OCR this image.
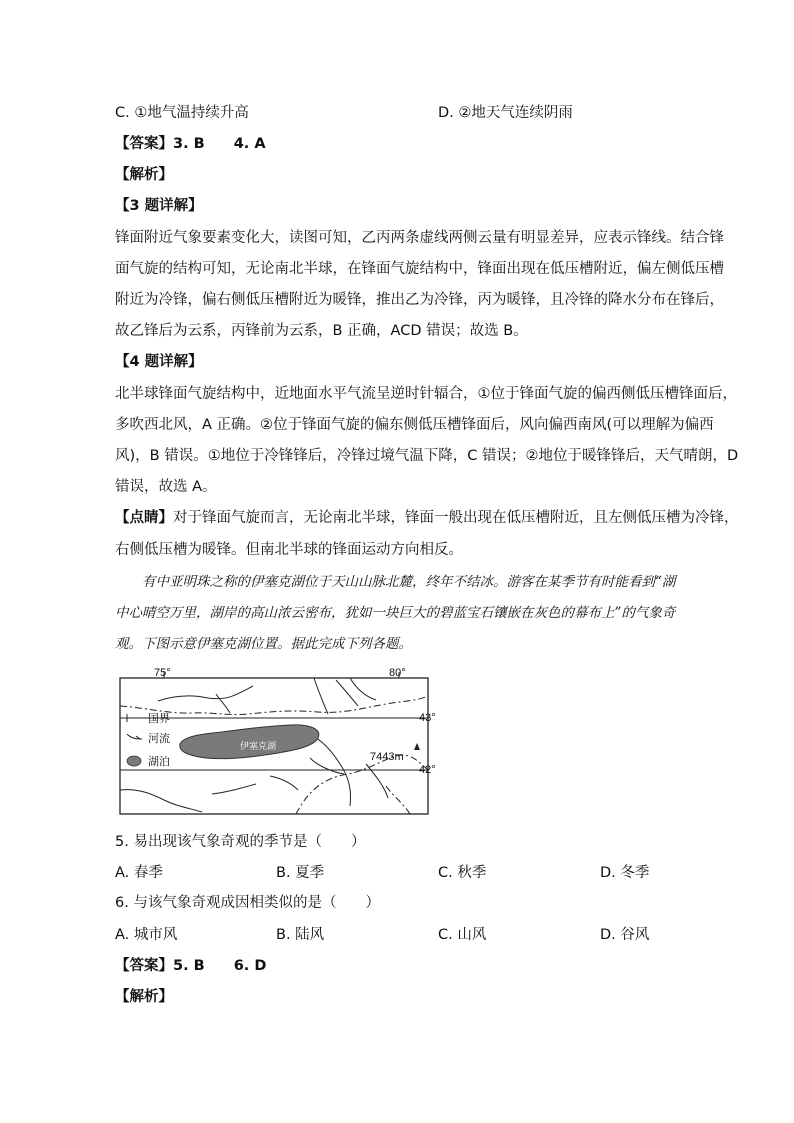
C. ①地气温持续升高	D. ②地天气连续阴雨
【答案】3. B　　4. A
【解析】
【3 题详解】
锋面附近气象要素变化大，读图可知，乙丙两条虚线两侧云量有明显差异，应表示锋线。结合锋
面气旋的结构可知，无论南北半球，在锋面气旋结构中，锋面出现在低压槽附近，偏左侧低压槽
附近为冷锋，偏右侧低压槽附近为暖锋，推出乙为冷锋，丙为暖锋，且冷锋的降水分布在锋后，
故乙锋后为云系，丙锋前为云系，B 正确，ACD 错误；故选 B。
【4 题详解】
北半球锋面气旋结构中，近地面水平气流呈逆时针辐合，①位于锋面气旋的偏西侧低压槽锋面后，
多吹西北风，A 正确。②位于锋面气旋的偏东侧低压槽锋面后，风向偏西南风(可以理解为偏西
风)，B 错误。①地位于冷锋锋后，冷锋过境气温下降，C 错误；②地位于暖锋锋后，天气晴朗，D
错误，故选 A。
【点睛】对于锋面气旋而言，无论南北半球，锋面一般出现在低压槽附近，且左侧低压槽为冷锋，
右侧低压槽为暖锋。但南北半球的锋面运动方向相反。
有中亚明珠之称的伊塞克湖位于天山山脉北麓，终年不结冰。游客在某季节有时能看到“湖
中心晴空万里，湖岸的高山浓云密布，犹如一块巨大的碧蓝宝石镶嵌在灰色的幕布上”的气象奇
观。下图示意伊塞克湖位置。据此完成下列各题。
75°	80°
43°
42°
伊塞克湖
7443m
国界
河流
湖泊
5. 易出现该气象奇观的季节是（　　）
A. 春季	B. 夏季	C. 秋季	D. 冬季
6. 与该气象奇观成因相类似的是（　　）
A. 城市风	B. 陆风	C. 山风	D. 谷风
【答案】5. B　　6. D
【解析】
